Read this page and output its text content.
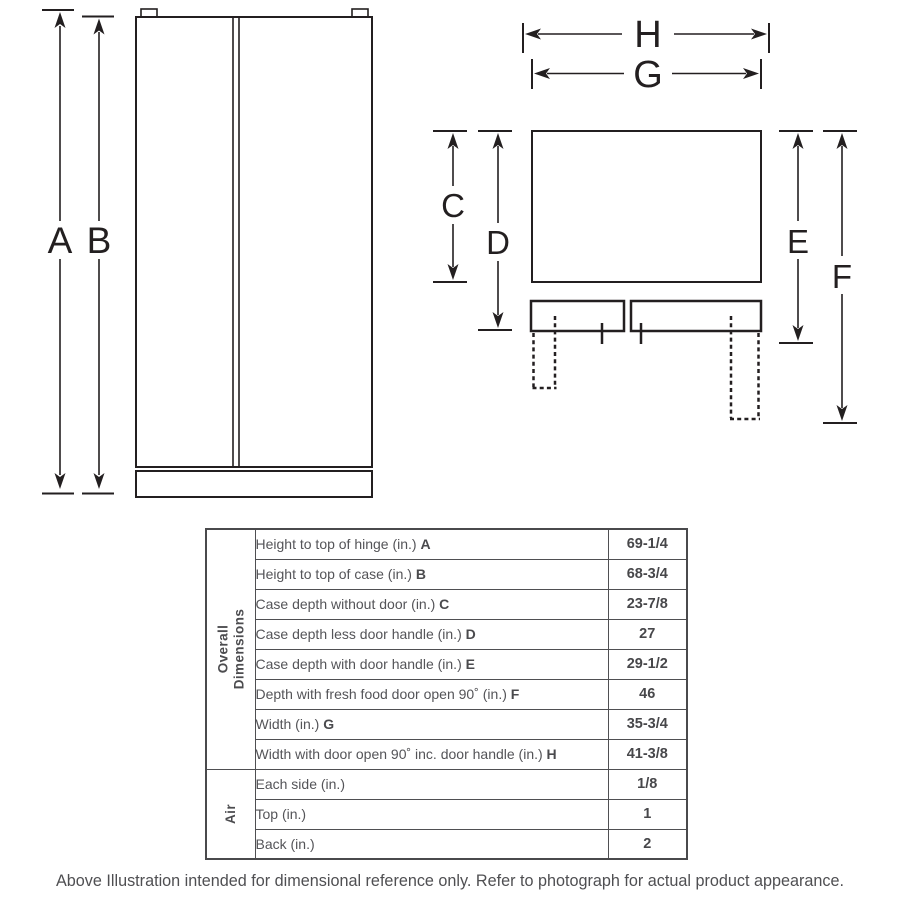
A B
H
G
C
D	E
F
Overall Dimensions	Height to top of hinge (in.) A	69-1/4
	Height to top of case (in.) B	68-3/4
	Case depth without door (in.) C	23-7/8
	Case depth less door handle (in.) D	27
	Case depth with door handle (in.) E	29-1/2
	Depth with fresh food door open 90˚ (in.) F	46
	Width (in.) G	35-3/4
	Width with door open 90˚ inc. door handle (in.) H	41-3/8

Air	Each side (in.)	1/8
	Top (in.)	1
	Back (in.)	2
Above Illustration intended for dimensional reference only. Refer to photograph for actual product appearance.
